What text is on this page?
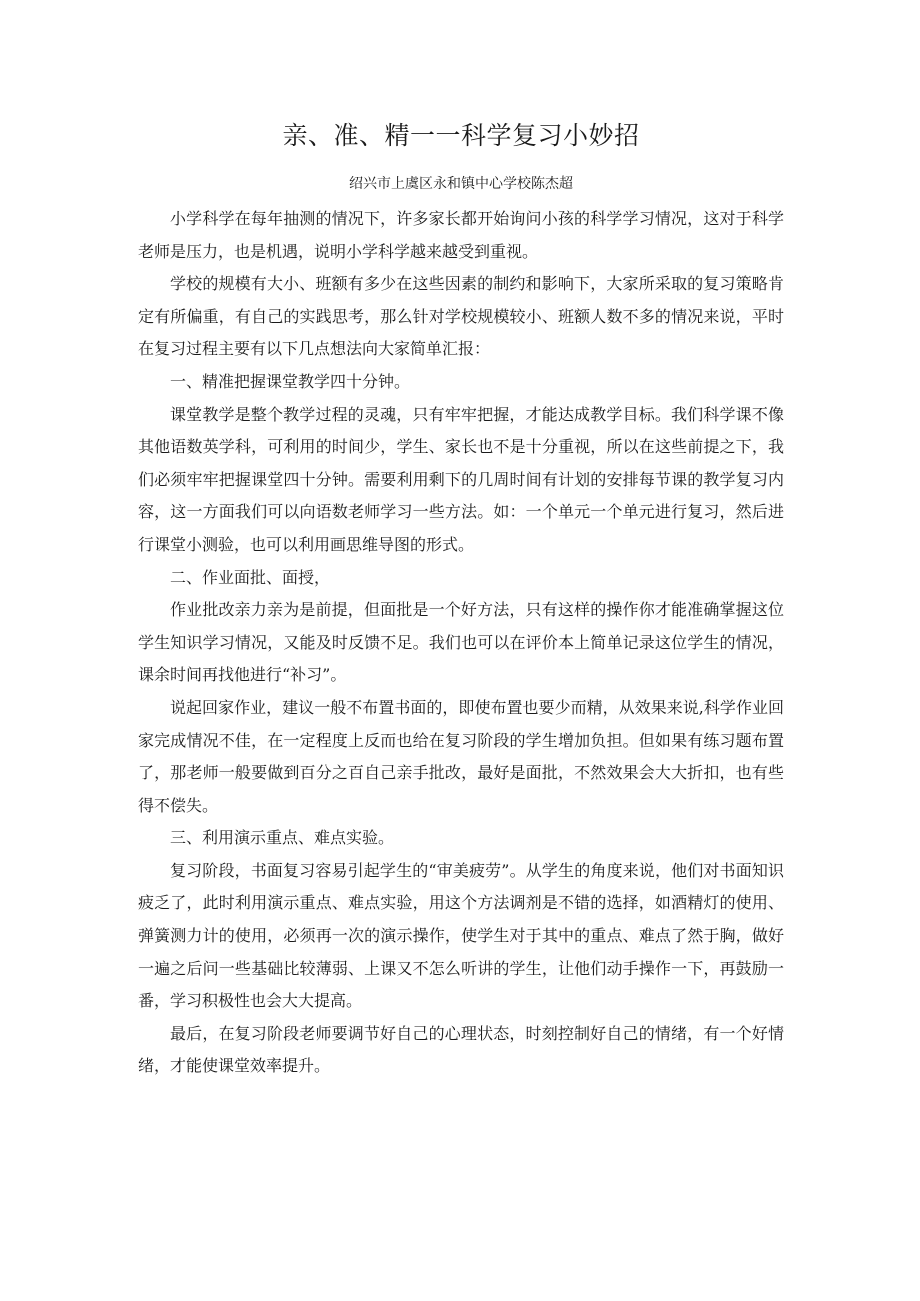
亲、准、精一一科学复习小妙招
绍兴市上虞区永和镇中心学校陈杰超

小学科学在每年抽测的情况下，许多家长都开始询问小孩的科学学习情况，这对于科学老师是压力，也是机遇，说明小学科学越来越受到重视。

学校的规模有大小、班额有多少在这些因素的制约和影响下，大家所采取的复习策略肯定有所偏重，有自己的实践思考，那么针对学校规模较小、班额人数不多的情况来说，平时在复习过程主要有以下几点想法向大家简单汇报：

一、精准把握课堂教学四十分钟。

课堂教学是整个教学过程的灵魂，只有牢牢把握，才能达成教学目标。我们科学课不像其他语数英学科，可利用的时间少，学生、家长也不是十分重视，所以在这些前提之下，我们必须牢牢把握课堂四十分钟。需要利用剩下的几周时间有计划的安排每节课的教学复习内容，这一方面我们可以向语数老师学习一些方法。如：一个单元一个单元进行复习，然后进行课堂小测验，也可以利用画思维导图的形式。

二、作业面批、面授，

作业批改亲力亲为是前提，但面批是一个好方法，只有这样的操作你才能准确掌握这位学生知识学习情况，又能及时反馈不足。我们也可以在评价本上简单记录这位学生的情况，课余时间再找他进行“补习”。

说起回家作业，建议一般不布置书面的，即使布置也要少而精，从效果来说,科学作业回家完成情况不佳，在一定程度上反而也给在复习阶段的学生增加负担。但如果有练习题布置了，那老师一般要做到百分之百自己亲手批改，最好是面批，不然效果会大大折扣，也有些得不偿失。

三、利用演示重点、难点实验。

复习阶段，书面复习容易引起学生的“审美疲劳”。从学生的角度来说，他们对书面知识疲乏了，此时利用演示重点、难点实验，用这个方法调剂是不错的选择，如酒精灯的使用、弹簧测力计的使用，必须再一次的演示操作，使学生对于其中的重点、难点了然于胸，做好一遍之后问一些基础比较薄弱、上课又不怎么听讲的学生，让他们动手操作一下，再鼓励一番，学习积极性也会大大提高。

最后，在复习阶段老师要调节好自己的心理状态，时刻控制好自己的情绪，有一个好情绪，才能使课堂效率提升。
